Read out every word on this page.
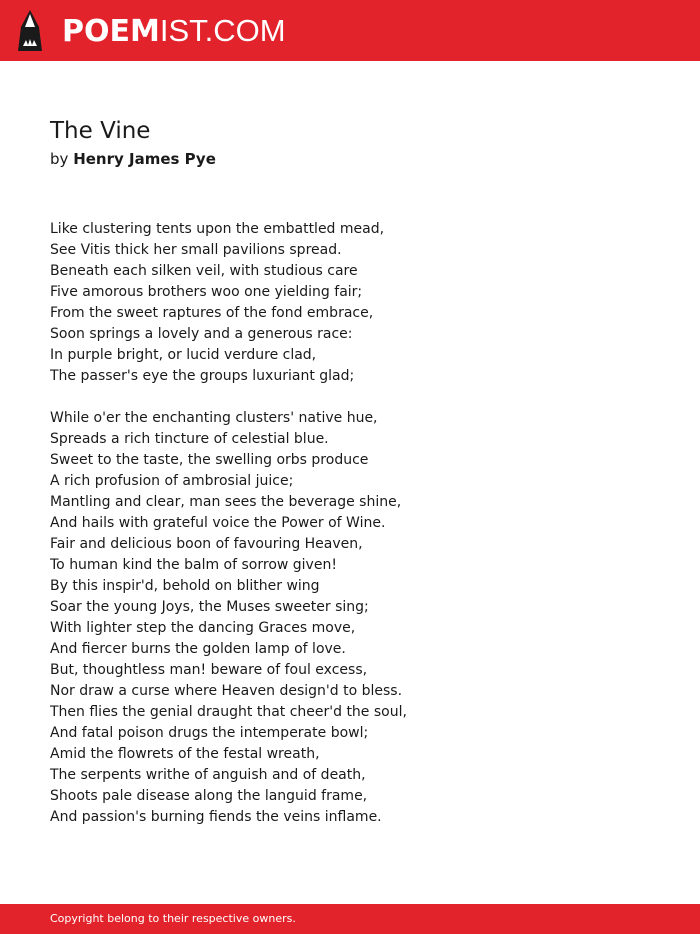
POEMIST.COM
The Vine
by Henry James Pye
Like clustering tents upon the embattled mead,
See Vitis thick her small pavilions spread.
Beneath each silken veil, with studious care
Five amorous brothers woo one yielding fair;
From the sweet raptures of the fond embrace,
Soon springs a lovely and a generous race:
In purple bright, or lucid verdure clad,
The passer's eye the groups luxuriant glad;
While o'er the enchanting clusters' native hue,
Spreads a rich tincture of celestial blue.
Sweet to the taste, the swelling orbs produce
A rich profusion of ambrosial juice;
Mantling and clear, man sees the beverage shine,
And hails with grateful voice the Power of Wine.
Fair and delicious boon of favouring Heaven,
To human kind the balm of sorrow given!
By this inspir'd, behold on blither wing
Soar the young Joys, the Muses sweeter sing;
With lighter step the dancing Graces move,
And fiercer burns the golden lamp of love.
But, thoughtless man! beware of foul excess,
Nor draw a curse where Heaven design'd to bless.
Then flies the genial draught that cheer'd the soul,
And fatal poison drugs the intemperate bowl;
Amid the flowrets of the festal wreath,
The serpents writhe of anguish and of death,
Shoots pale disease along the languid frame,
And passion's burning fiends the veins inflame.
Copyright belong to their respective owners.
